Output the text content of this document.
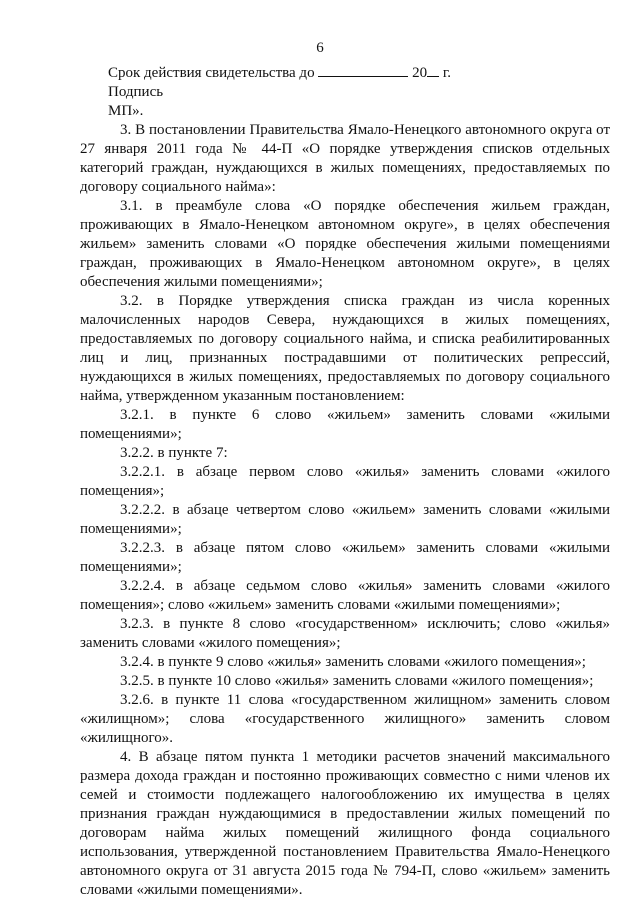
6

Срок действия свидетельства до	20 г.

Подпись

МП».

3. В постановлении Правительства Ямало-Ненецкого автономного округа от 27 января 2011 года № 44-П «О порядке утверждения списков отдельных категорий граждан, нуждающихся в жилых помещениях, предоставляемых по договору социального найма»:

3.1. в преамбуле слова «О порядке обеспечения жильем граждан, проживающих в Ямало-Ненецком автономном округе», в целях обеспечения жильем» заменить словами «О порядке обеспечения жилыми помещениями граждан, проживающих в Ямало-Ненецком автономном округе», в целях обеспечения жилыми помещениями»;

3.2. в Порядке утверждения списка граждан из числа коренных малочисленных народов Севера, нуждающихся в жилых помещениях, предоставляемых по договору социального найма, и списка реабилитированных лиц и лиц, признанных пострадавшими от политических репрессий, нуждающихся в жилых помещениях, предоставляемых по договору социального найма, утвержденном указанным постановлением:

3.2.1. в пункте 6 слово «жильем» заменить словами «жилыми помещениями»;

3.2.2. в пункте 7:

3.2.2.1. в абзаце первом слово «жилья» заменить словами «жилого помещения»;

3.2.2.2. в абзаце четвертом слово «жильем» заменить словами «жилыми помещениями»;

3.2.2.3. в абзаце пятом слово «жильем» заменить словами «жилыми помещениями»;

3.2.2.4. в абзаце седьмом слово «жилья» заменить словами «жилого помещения»; слово «жильем» заменить словами «жилыми помещениями»;

3.2.3. в пункте 8 слово «государственном» исключить; слово «жилья» заменить словами «жилого помещения»;

3.2.4. в пункте 9 слово «жилья» заменить словами «жилого помещения»;

3.2.5. в пункте 10 слово «жилья» заменить словами «жилого помещения»;

3.2.6. в пункте 11 слова «государственном жилищном» заменить словом «жилищном»; слова «государственного жилищного» заменить словом «жилищного».

4. В абзаце пятом пункта 1 методики расчетов значений максимального размера дохода граждан и постоянно проживающих совместно с ними членов их семей и стоимости подлежащего налогообложению их имущества в целях признания граждан нуждающимися в предоставлении жилых помещений по договорам найма жилых помещений жилищного фонда социального использования, утвержденной постановлением Правительства Ямало-Ненецкого автономного округа от 31 августа 2015 года № 794-П, слово «жильем» заменить словами «жилыми помещениями».
